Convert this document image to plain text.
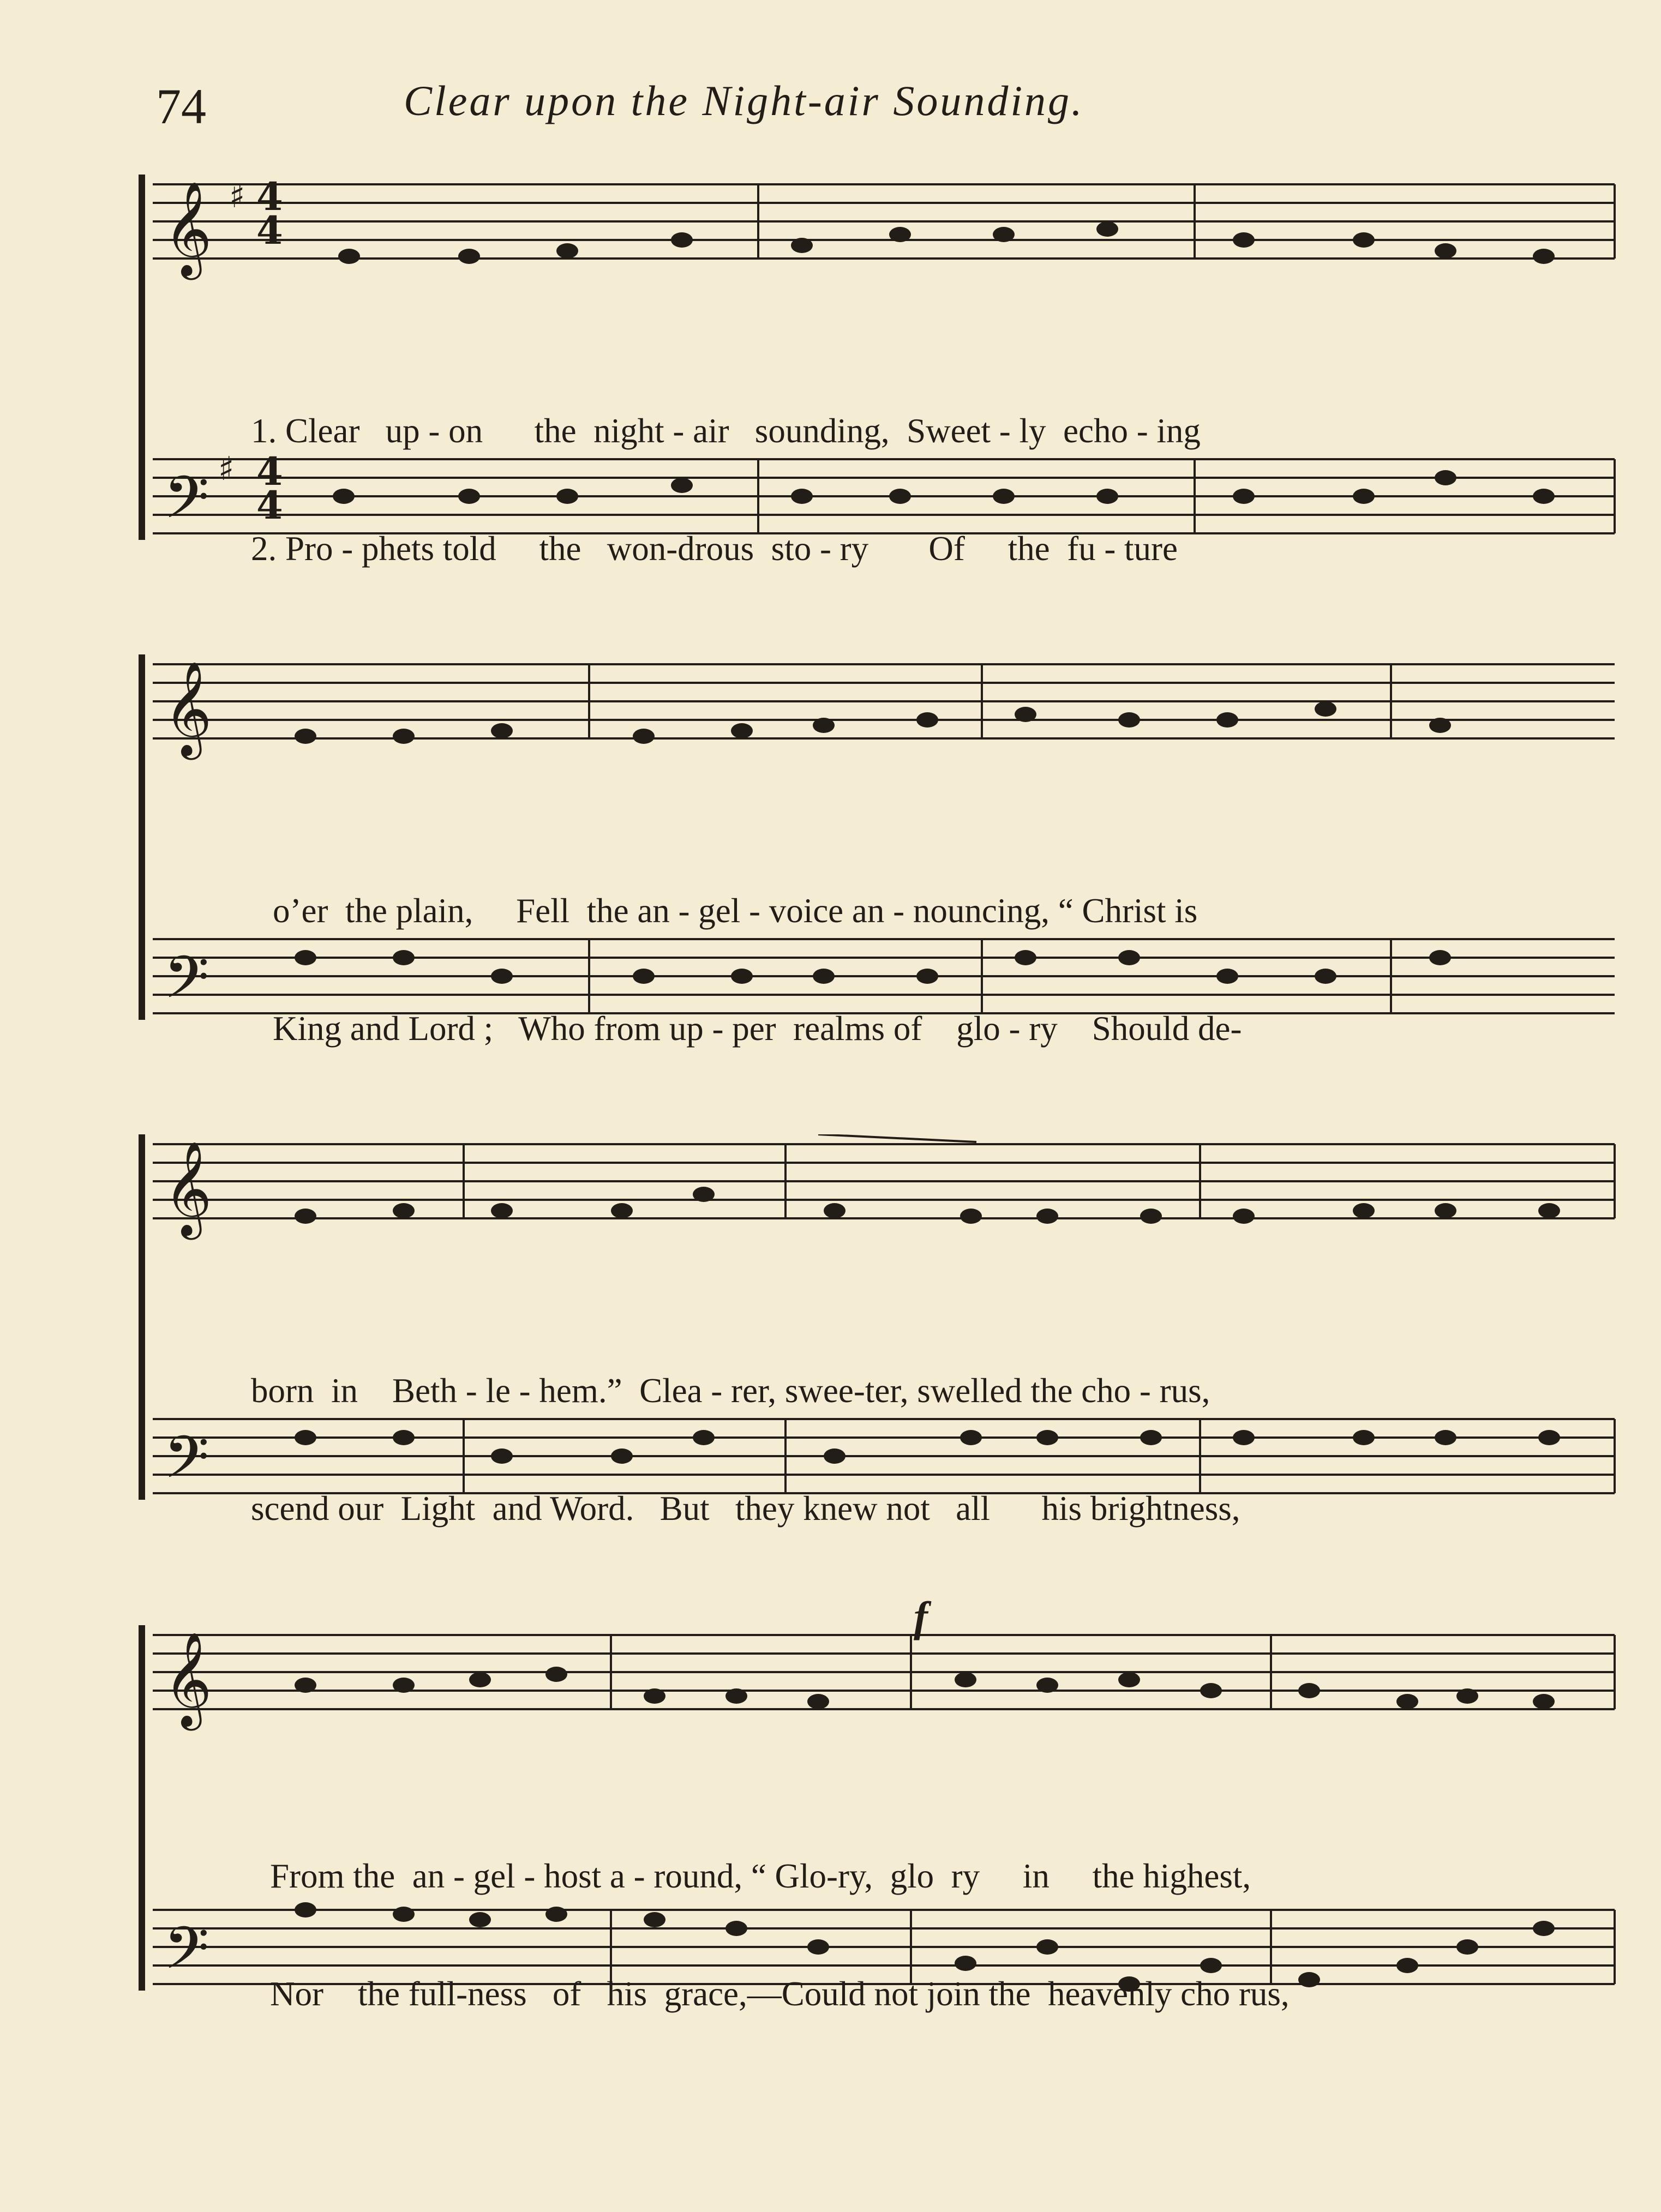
74	Clear upon the Night-air Sounding.
𝄞
𝄢
♯
♯

1. Clear   up - on      the  night - air   sounding,  Sweet - ly  echo - ing

2. Pro - phets told     the   won-drous  sto - ry       Of     the  fu - ture

𝄞
𝄢

o’er  the plain,     Fell  the an - gel - voice an - nouncing, “ Christ is

King and Lord ;   Who from up - per  realms of    glo - ry    Should de-

𝄞
𝄢

born  in    Beth - le - hem.”  Clea - rer, swee-ter, swelled the cho - rus,

scend our  Light  and Word.   But   they knew not   all      his brightness,

𝄞
𝄢
f

From the  an - gel - host a - round, “ Glo-ry,  glo  ry     in     the highest,

Nor    the full-ness   of   his  grace,—Could not join the  heavenly cho rus,

4
4
4
4
